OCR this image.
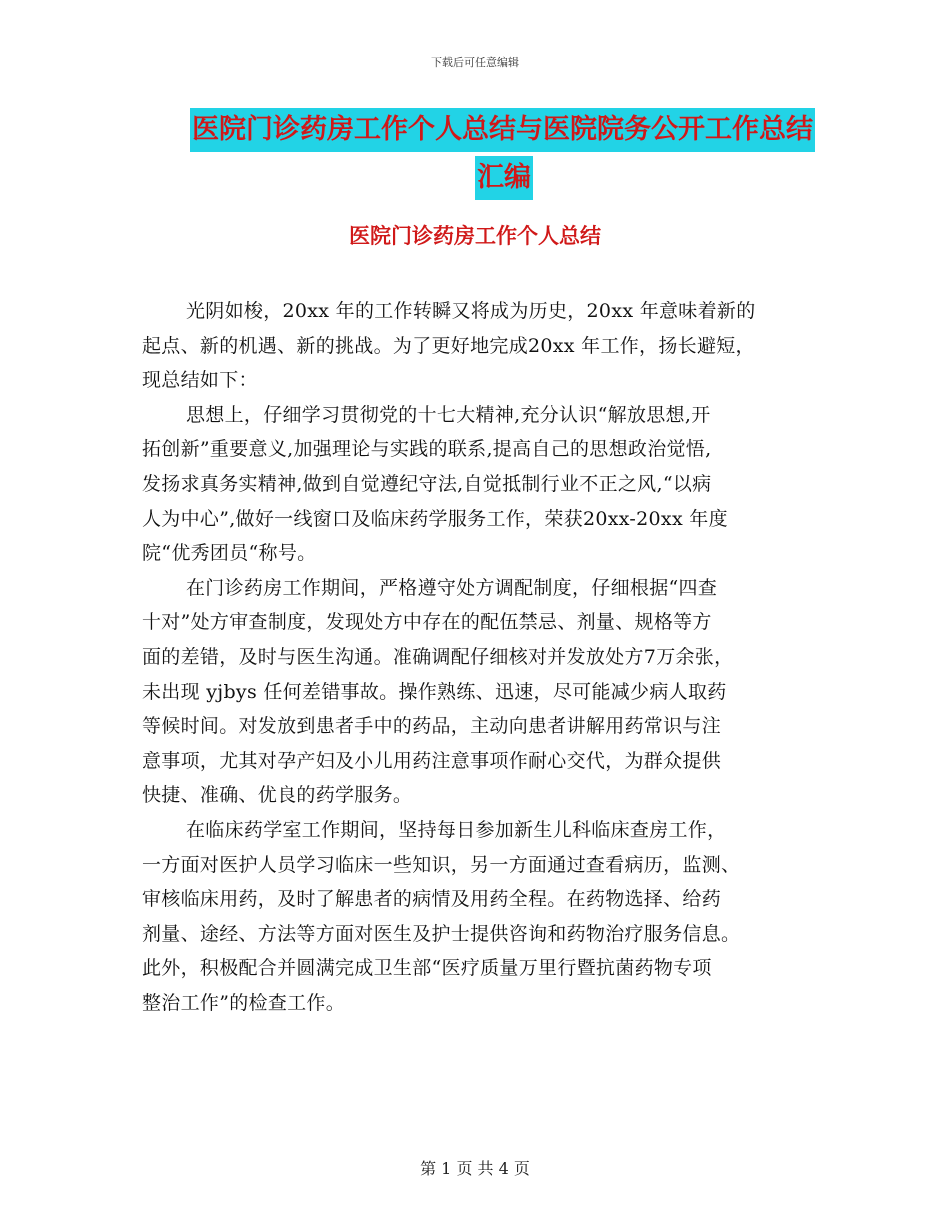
下载后可任意编辑
医院门诊药房工作个人总结与医院院务公开工作总结
汇编
医院门诊药房工作个人总结
光阴如梭，20xx 年的工作转瞬又将成为历史，20xx 年意味着新的
起点、新的机遇、新的挑战。为了更好地完成20xx 年工作，扬长避短，
现总结如下：
思想上，仔细学习贯彻党的十七大精神,充分认识“解放思想,开
拓创新”重要意义,加强理论与实践的联系,提高自己的思想政治觉悟,
发扬求真务实精神,做到自觉遵纪守法,自觉抵制行业不正之风,“以病
人为中心”,做好一线窗口及临床药学服务工作，荣获20xx-20xx 年度
院“优秀团员“称号。
在门诊药房工作期间，严格遵守处方调配制度，仔细根据“四查
十对”处方审查制度，发现处方中存在的配伍禁忌、剂量、规格等方
面的差错，及时与医生沟通。准确调配仔细核对并发放处方7万余张，
未出现 yjbys 任何差错事故。操作熟练、迅速，尽可能减少病人取药
等候时间。对发放到患者手中的药品，主动向患者讲解用药常识与注
意事项，尤其对孕产妇及小儿用药注意事项作耐心交代，为群众提供
快捷、准确、优良的药学服务。
在临床药学室工作期间，坚持每日参加新生儿科临床查房工作，
一方面对医护人员学习临床一些知识，另一方面通过查看病历，监测、
审核临床用药，及时了解患者的病情及用药全程。在药物选择、给药
剂量、途经、方法等方面对医生及护士提供咨询和药物治疗服务信息。
此外，积极配合并圆满完成卫生部“医疗质量万里行暨抗菌药物专项
整治工作”的检查工作。
第 1 页 共 4 页
